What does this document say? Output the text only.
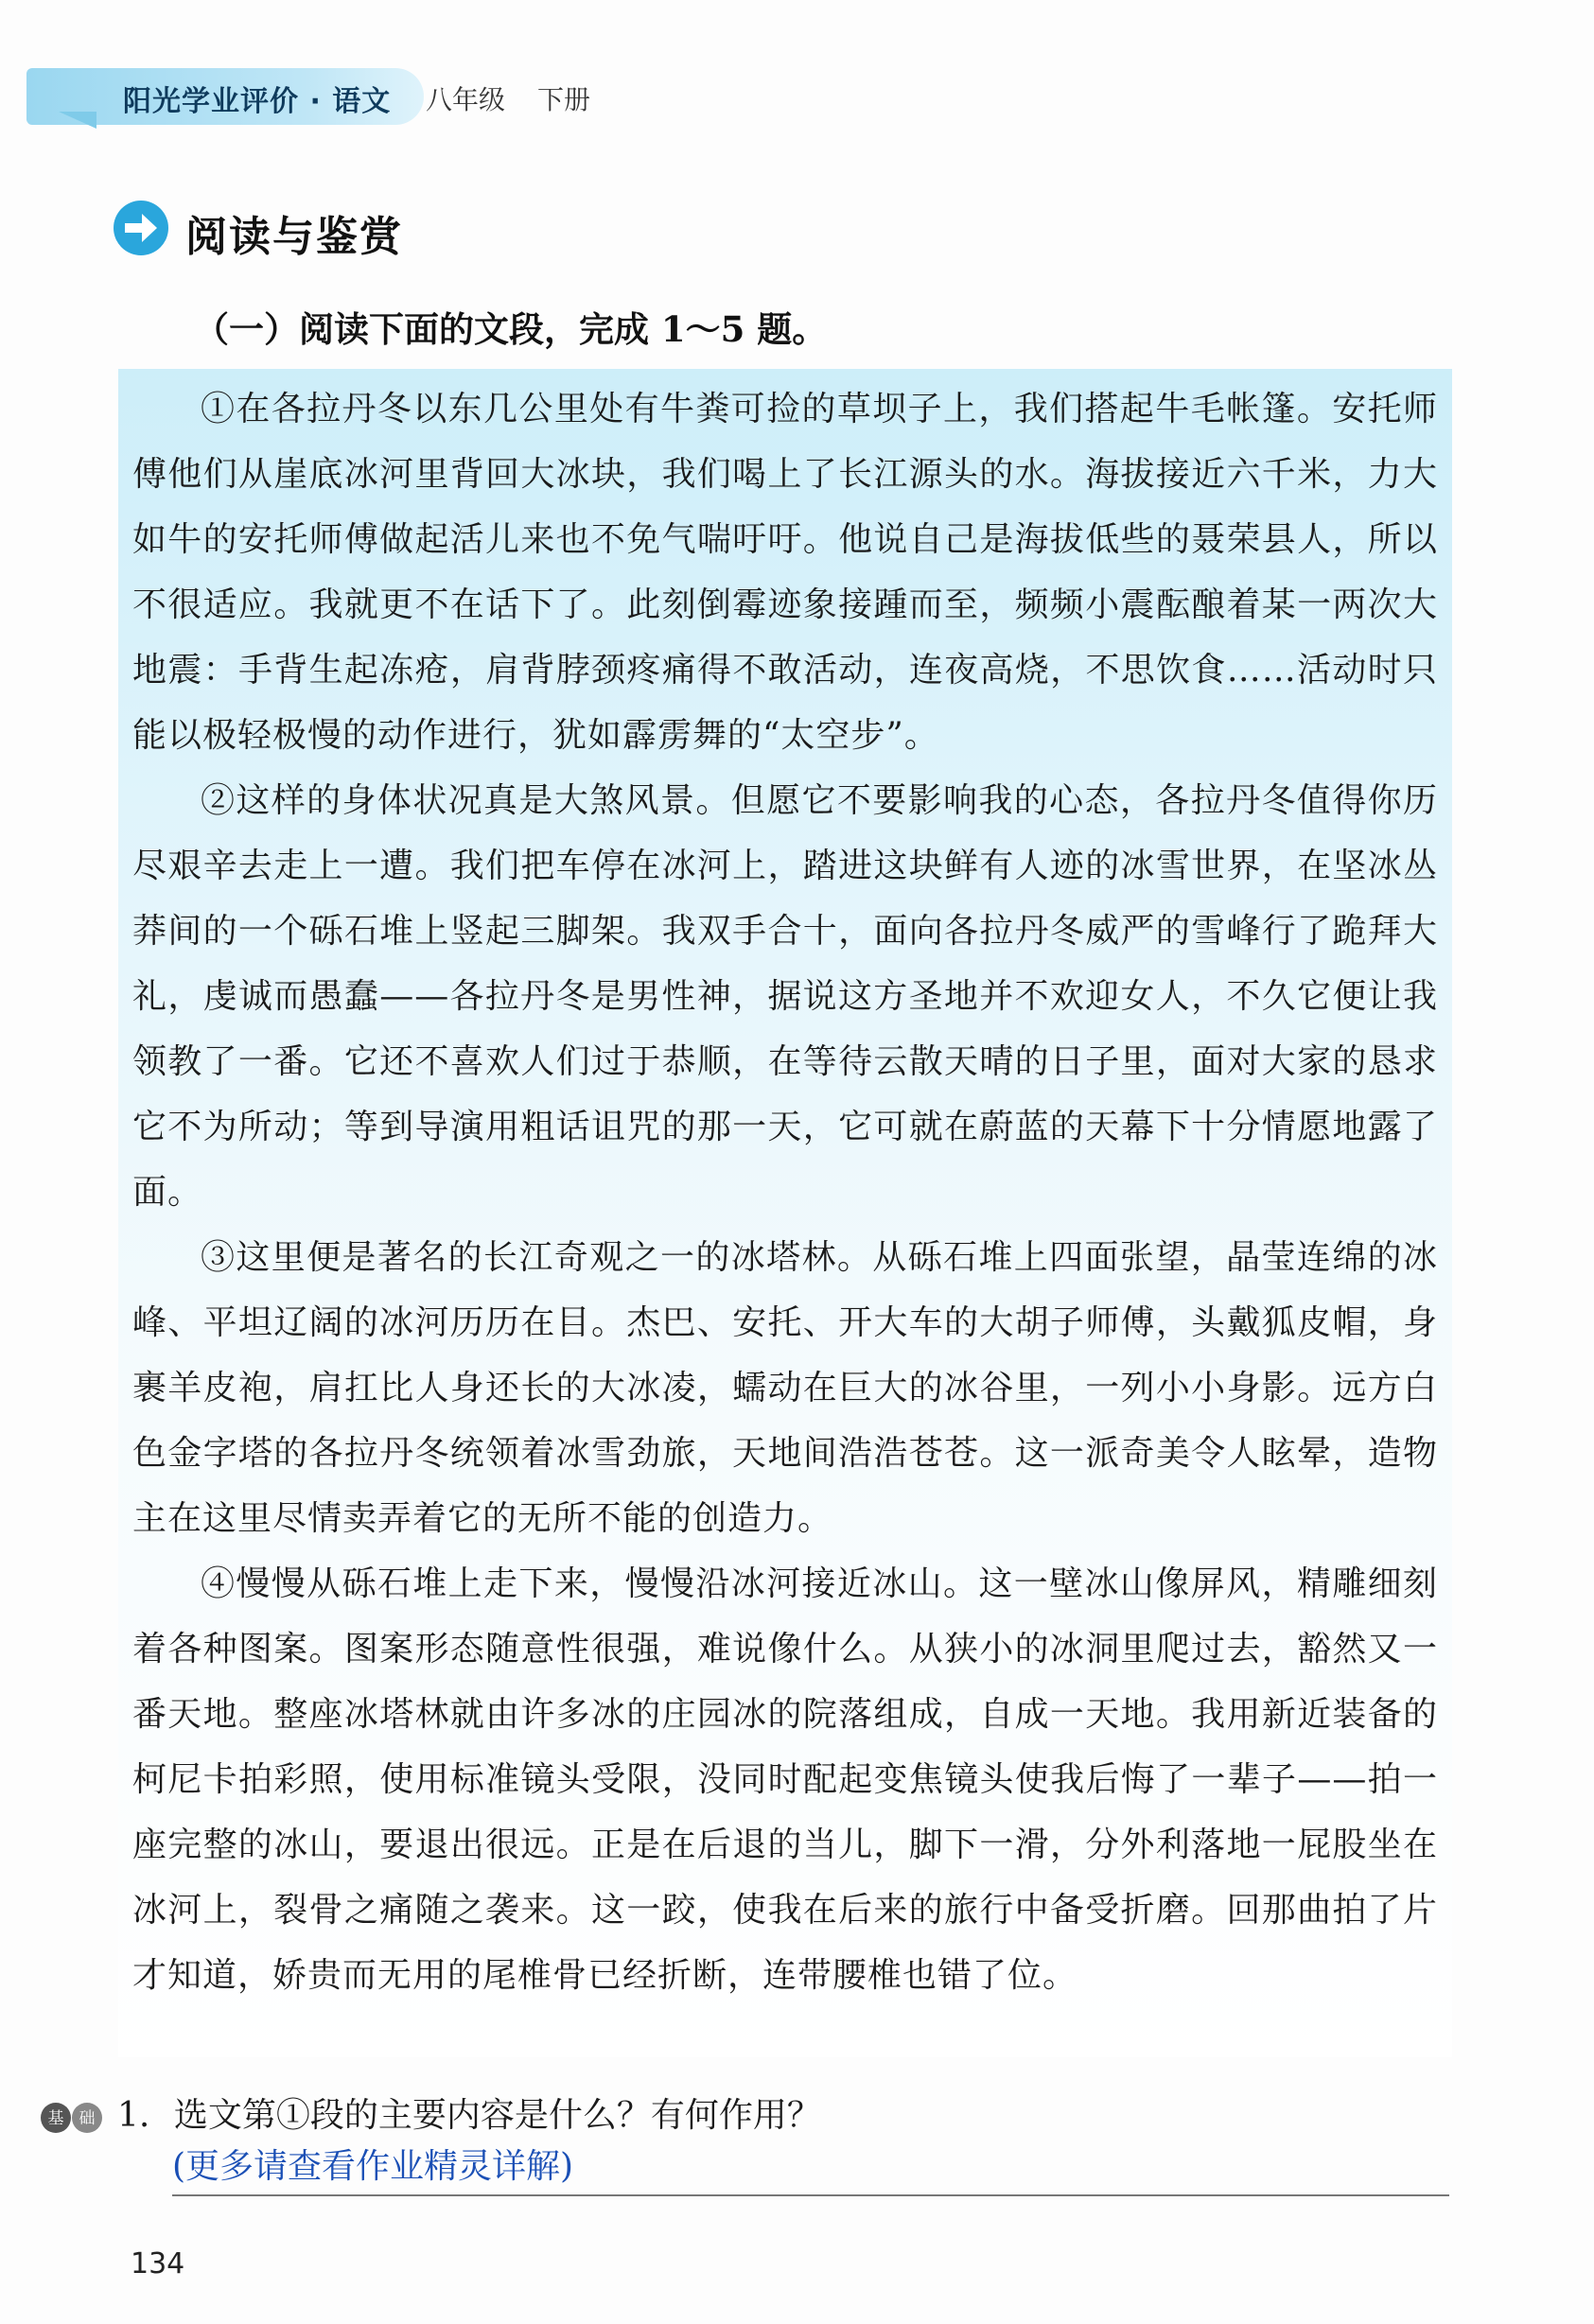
阳光学业评价 · 语文 八年级 下册
阅读与鉴赏
（一）阅读下面的文段，完成 1～5 题。

①在各拉丹冬以东几公里处有牛粪可捡的草坝子上，我们搭起牛毛帐篷。安托师傅他们从崖底冰河里背回大冰块，我们喝上了长江源头的水。海拔接近六千米，力大如牛的安托师傅做起活儿来也不免气喘吁吁。他说自己是海拔低些的聂荣县人，所以不很适应。我就更不在话下了。此刻倒霉迹象接踵而至，频频小震酝酿着某一两次大地震：手背生起冻疮，肩背脖颈疼痛得不敢活动，连夜高烧，不思饮食……活动时只能以极轻极慢的动作进行，犹如霹雳舞的“太空步”。

②这样的身体状况真是大煞风景。但愿它不要影响我的心态，各拉丹冬值得你历尽艰辛去走上一遭。我们把车停在冰河上，踏进这块鲜有人迹的冰雪世界，在坚冰丛莽间的一个砾石堆上竖起三脚架。我双手合十，面向各拉丹冬威严的雪峰行了跪拜大礼，虔诚而愚蠢——各拉丹冬是男性神，据说这方圣地并不欢迎女人，不久它便让我领教了一番。它还不喜欢人们过于恭顺，在等待云散天晴的日子里，面对大家的恳求它不为所动；等到导演用粗话诅咒的那一天，它可就在蔚蓝的天幕下十分情愿地露了面。

③这里便是著名的长江奇观之一的冰塔林。从砾石堆上四面张望，晶莹连绵的冰峰、平坦辽阔的冰河历历在目。杰巴、安托、开大车的大胡子师傅，头戴狐皮帽，身裹羊皮袍，肩扛比人身还长的大冰凌，蠕动在巨大的冰谷里，一列小小身影。远方白色金字塔的各拉丹冬统领着冰雪劲旅，天地间浩浩苍苍。这一派奇美令人眩晕，造物主在这里尽情卖弄着它的无所不能的创造力。

④慢慢从砾石堆上走下来，慢慢沿冰河接近冰山。这一壁冰山像屏风，精雕细刻着各种图案。图案形态随意性很强，难说像什么。从狭小的冰洞里爬过去，豁然又一番天地。整座冰塔林就由许多冰的庄园冰的院落组成，自成一天地。我用新近装备的柯尼卡拍彩照，使用标准镜头受限，没同时配起变焦镜头使我后悔了一辈子——拍一座完整的冰山，要退出很远。正是在后退的当儿，脚下一滑，分外利落地一屁股坐在冰河上，裂骨之痛随之袭来。这一跤，使我在后来的旅行中备受折磨。回那曲拍了片才知道，娇贵而无用的尾椎骨已经折断，连带腰椎也错了位。

基 础 1. 选文第①段的主要内容是什么？有何作用？
(更多请查看作业精灵详解)
134
